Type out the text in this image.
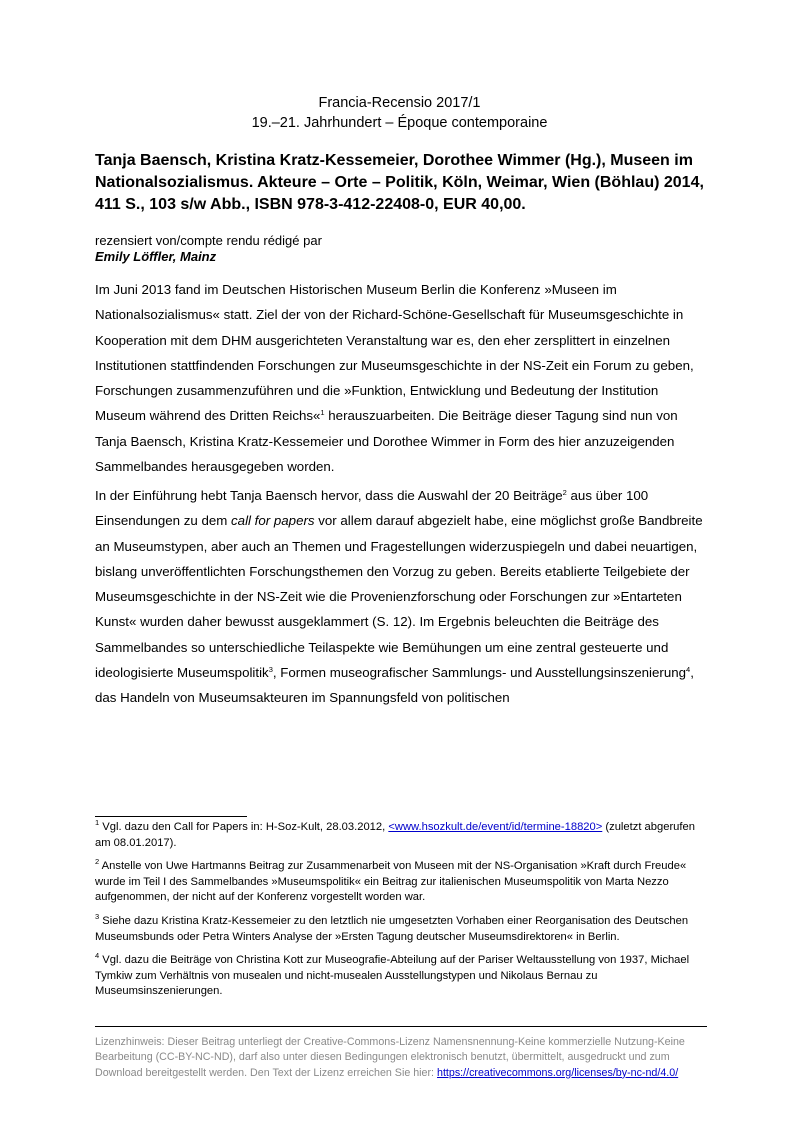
Francia-Recensio 2017/1
19.–21. Jahrhundert – Époque contemporaine
Tanja Baensch, Kristina Kratz-Kessemeier, Dorothee Wimmer (Hg.), Museen im Nationalsozialismus. Akteure – Orte – Politik, Köln, Weimar, Wien (Böhlau) 2014, 411 S., 103 s/w Abb., ISBN 978-3-412-22408-0, EUR 40,00.
rezensiert von/compte rendu rédigé par
Emily Löffler, Mainz

Im Juni 2013 fand im Deutschen Historischen Museum Berlin die Konferenz »Museen im Nationalsozialismus« statt. Ziel der von der Richard-Schöne-Gesellschaft für Museumsgeschichte in Kooperation mit dem DHM ausgerichteten Veranstaltung war es, den eher zersplittert in einzelnen Institutionen stattfindenden Forschungen zur Museumsgeschichte in der NS-Zeit ein Forum zu geben, Forschungen zusammenzuführen und die »Funktion, Entwicklung und Bedeutung der Institution Museum während des Dritten Reichs«$^1$ herauszuarbeiten. Die Beiträge dieser Tagung sind nun von Tanja Baensch, Kristina Kratz-Kessemeier und Dorothee Wimmer in Form des hier anzuzeigenden Sammelbandes herausgegeben worden.

In der Einführung hebt Tanja Baensch hervor, dass die Auswahl der 20 Beiträge$^2$ aus über 100 Einsendungen zu dem call for papers vor allem darauf abgezielt habe, eine möglichst große Bandbreite an Museumstypen, aber auch an Themen und Fragestellungen widerzuspiegeln und dabei neuartigen, bislang unveröffentlichten Forschungsthemen den Vorzug zu geben. Bereits etablierte Teilgebiete der Museumsgeschichte in der NS-Zeit wie die Provenienzforschung oder Forschungen zur »Entarteten Kunst« wurden daher bewusst ausgeklammert (S. 12). Im Ergebnis beleuchten die Beiträge des Sammelbandes so unterschiedliche Teilaspekte wie Bemühungen um eine zentral gesteuerte und ideologisierte Museumspolitik$^3$, Formen museografischer Sammlungs- und Ausstellungsinszenierung$^4$, das Handeln von Museumsakteuren im Spannungsfeld von politischen

$^1$ Vgl. dazu den Call for Papers in: H-Soz-Kult, 28.03.2012, <www.hsozkult.de/event/id/termine-18820> (zuletzt abgerufen am 08.01.2017).

$^2$ Anstelle von Uwe Hartmanns Beitrag zur Zusammenarbeit von Museen mit der NS-Organisation »Kraft durch Freude« wurde im Teil I des Sammelbandes »Museumspolitik« ein Beitrag zur italienischen Museumspolitik von Marta Nezzo aufgenommen, der nicht auf der Konferenz vorgestellt worden war.

$^3$ Siehe dazu Kristina Kratz-Kessemeier zu den letztlich nie umgesetzten Vorhaben einer Reorganisation des Deutschen Museumsbunds oder Petra Winters Analyse der »Ersten Tagung deutscher Museumsdirektoren« in Berlin.

$^4$ Vgl. dazu die Beiträge von Christina Kott zur Museografie-Abteilung auf der Pariser Weltausstellung von 1937, Michael Tymkiw zum Verhältnis von musealen und nicht-musealen Ausstellungstypen und Nikolaus Bernau zu Museumsinszenierungen.

Lizenzhinweis: Dieser Beitrag unterliegt der Creative-Commons-Lizenz Namensnennung-Keine kommerzielle Nutzung-Keine Bearbeitung (CC-BY-NC-ND), darf also unter diesen Bedingungen elektronisch benutzt, übermittelt, ausgedruckt und zum Download bereitgestellt werden. Den Text der Lizenz erreichen Sie hier: https://creativecommons.org/licenses/by-nc-nd/4.0/
